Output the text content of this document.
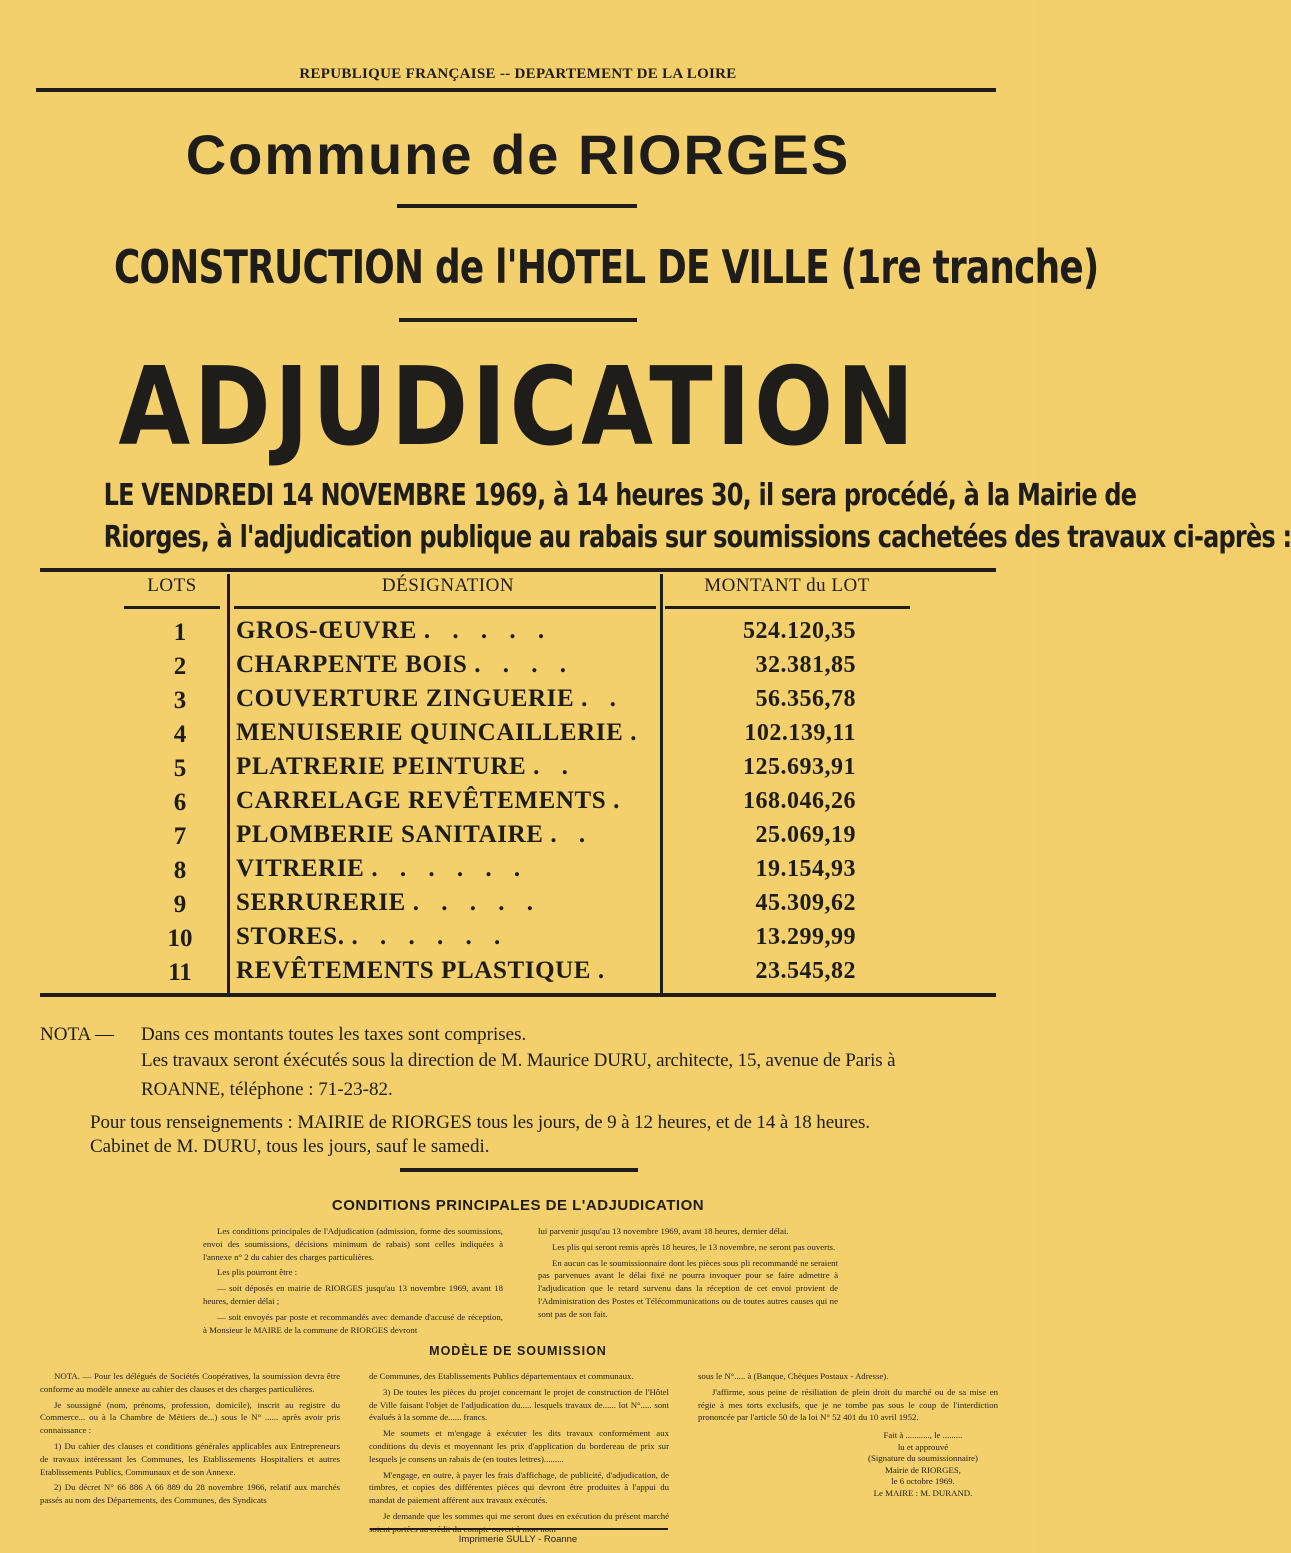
REPUBLIQUE FRANÇAISE -- DEPARTEMENT DE LA LOIRE
Commune de RIORGES
CONSTRUCTION de l'HOTEL DE VILLE (1re tranche)
ADJUDICATION
LE VENDREDI 14 NOVEMBRE 1969, à 14 heures 30, il sera procédé, à la Mairie de
Riorges, à l'adjudication publique au rabais sur soumissions cachetées des travaux ci-après :
LOTS	DÉSIGNATION	MONTANT du LOT
1	GROS-ŒUVRE . . . . .	524.120,35
2	CHARPENTE BOIS . . . .	32.381,85
3	COUVERTURE ZINGUERIE . .	56.356,78
4	MENUISERIE QUINCAILLERIE .	102.139,11
5	PLATRERIE PEINTURE . .	125.693,91
6	CARRELAGE REVÊTEMENTS .	168.046,26
7	PLOMBERIE SANITAIRE . .	25.069,19
8	VITRERIE . . . . . .	19.154,93
9	SERRURERIE . . . . .	45.309,62
10	STORES. . . . . . .	13.299,99
11	REVÊTEMENTS PLASTIQUE .	23.545,82
NOTA — Dans ces montants toutes les taxes sont comprises.
Les travaux seront éxécutés sous la direction de M. Maurice DURU, architecte, 15, avenue de Paris à
ROANNE, téléphone : 71-23-82.
Pour tous renseignements : MAIRIE de RIORGES tous les jours, de 9 à 12 heures, et de 14 à 18 heures.
Cabinet de M. DURU, tous les jours, sauf le samedi.
CONDITIONS PRINCIPALES DE L'ADJUDICATION

Les conditions principales de l'Adjudication (admission, forme des soumissions, envoi des soumissions, décisions minimum de rabais) sont celles indiquées à l'annexe n° 2 du cahier des charges particulières.

Les plis pourront être :

— soit déposés en mairie de RIORGES jusqu'au 13 novembre 1969, avant 18 heures, dernier délai ;

— soit envoyés par poste et recommandés avec demande d'accusé de réception, à Monsieur le MAIRE de la commune de RIORGES devront

lui parvenir jusqu'au 13 novembre 1969, avant 18 heures, dernier délai.

Les plis qui seront remis après 18 heures, le 13 novembre, ne seront pas ouverts.

En aucun cas le soumissionnaire dont les pièces sous pli recommandé ne seraient pas parvenues avant le délai fixé ne pourra invoquer pour se faire admettre à l'adjudication que le retard survenu dans la réception de cet envoi provient de l'Administration des Postes et Télécommunications ou de toutes autres causes qui ne sont pas de son fait.

MODÈLE DE SOUMISSION

NOTA. — Pour les délégués de Sociétés Coopératives, la soumission devra être conforme au modèle annexe au cahier des clauses et des charges particulières.

Je soussigné (nom, prénoms, profession, domicile), inscrit au registre du Commerce... ou à la Chambre de Métiers de...) sous le N° ...... après avoir pris connaissance :

1) Du cahier des clauses et conditions générales applicables aux Entrepreneurs de travaux intéressant les Communes, les Etablissements Hospitaliers et autres Etablissements Publics, Communaux et de son Annexe.

2) Du décret N° 66 886 A 66 889 du 28 novembre 1966, relatif aux marchés passés au nom des Départements, des Communes, des Syndicats

de Communes, des Etablissements Publics départementaux et communaux.

3) De toutes les pièces du projet concernant le projet de construction de l'Hôtel de Ville faisant l'objet de l'adjudication du..... lesquels travaux de...... lot N°..... sont évalués à la somme de...... francs.

Me soumets et m'engage à exécuter les dits travaux conformément aux conditions du devis et moyennant les prix d'application du bordereau de prix sur lesquels je consens un rabais de (en toutes lettres).........

M'engage, en outre, à payer les frais d'affichage, de publicité, d'adjudication, de timbres, et copies des différentes pièces qui devront être produites à l'appui du mandat de paiement afférent aux travaux exécutés.

Je demande que les sommes qui me seront dues en exécution du présent marché

sous le N°..... à (Banque, Chèques Postaux - Adresse).

J'affirme, sous peine de résiliation de plein droit du marché ou de sa mise en régie à mes torts exclusifs, que je ne tombe pas sous le coup de l'interdiction prononcée par l'article 50 de la loi N° 52 401 du 10 avril 1952.

Fait à ..........., le .........
lu et approuvé
(Signature du soumissionnaire)
Mairie de RIORGES,
le 6 octobre 1969.
Le MAIRE : M. DURAND.
Imprimerie SULLY - Roanne
